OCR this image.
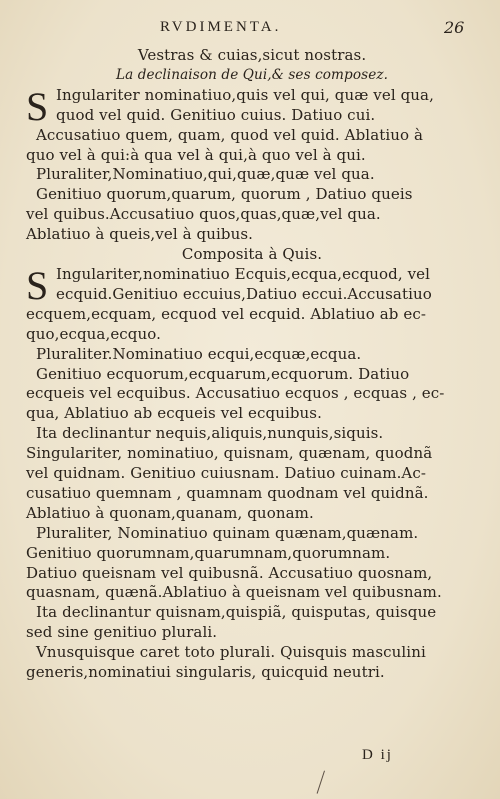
RVDIMENTA.	26
Vestras & cuias,sicut nostras.
La declinaison de Qui,& ses composez.
S Ingulariter nominatiuo,quis vel qui, quæ vel qua,
quod vel quid. Genitiuo cuius. Datiuo cui.
Accusatiuo quem, quam, quod vel quid. Ablatiuo à
quo vel à qui:à qua vel à qui,à quo vel à qui.
Pluraliter,Nominatiuo,qui,quæ,quæ vel qua.
Genitiuo quorum,quarum, quorum , Datiuo queis
vel quibus.Accusatiuo quos,quas,quæ,vel qua.
Ablatiuo à queis,vel à quibus.
Composita à Quis.
S Ingulariter,nominatiuo Ecquis,ecqua,ecquod, vel
ecquid.Genitiuo eccuius,Datiuo eccui.Accusatiuo
ecquem,ecquam, ecquod vel ecquid. Ablatiuo ab ec-
quo,ecqua,ecquo.
Pluraliter.Nominatiuo ecqui,ecquæ,ecqua.
Genitiuo ecquorum,ecquarum,ecquorum. Datiuo
ecqueis vel ecquibus. Accusatiuo ecquos , ecquas , ec-
qua, Ablatiuo ab ecqueis vel ecquibus.
Ita declinantur nequis,aliquis,nunquis,siquis.
Singulariter, nominatiuo, quisnam, quænam, quodnã
vel quidnam. Genitiuo cuiusnam. Datiuo cuinam.Ac-
cusatiuo quemnam , quamnam quodnam vel quidnã.
Ablatiuo à quonam,quanam, quonam.
Pluraliter, Nominatiuo quinam quænam,quænam.
Genitiuo quorumnam,quarumnam,quorumnam.
Datiuo queisnam vel quibusnã. Accusatiuo quosnam,
quasnam, quænã.Ablatiuo à queisnam vel quibusnam.
Ita declinantur quisnam,quispiã, quisputas, quisque
sed sine genitiuo plurali.
Vnusquisque caret toto plurali. Quisquis masculini
generis,nominatiui singularis, quicquid neutri.
D ij
